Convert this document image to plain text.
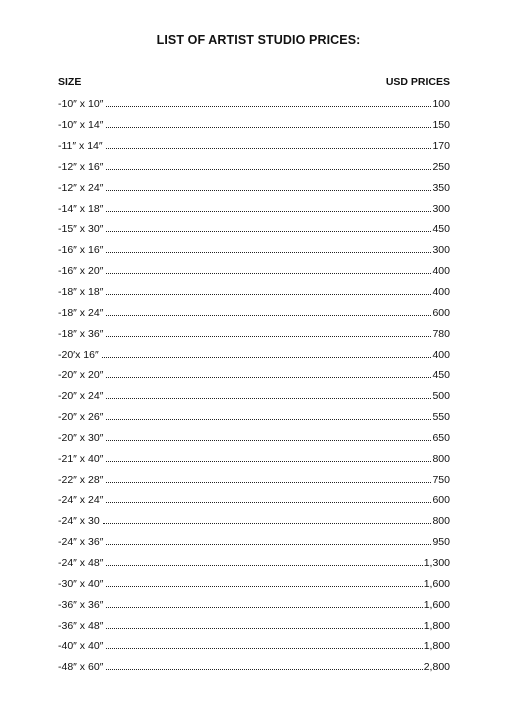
LIST OF ARTIST STUDIO PRICES:
SIZE	USD PRICES
-10″ x 10″	100
-10″ x 14″	150
-11″ x 14″	170
-12″ x 16″	250
-12″ x 24″	350
-14″ x 18″	300
-15″ x 30″	450
-16″ x 16″	300
-16″ x 20″	400
-18″ x 18″	400
-18″ x 24″	600
-18″ x 36″	780
-20′x 16″	400
-20″ x 20″	450
-20″ x 24″	500
-20″ x 26″	550
-20″ x 30″	650
-21″ x 40″	800
-22″ x 28″	750
-24″ x 24″	600
-24″ x 30	800
-24″ x 36″	950
-24″ x 48″	1,300
-30″ x 40″	1,600
-36″ x 36″	1,600
-36″ x 48″	1,800
-40″ x 40″	1,800
-48″ x 60″	2,800
